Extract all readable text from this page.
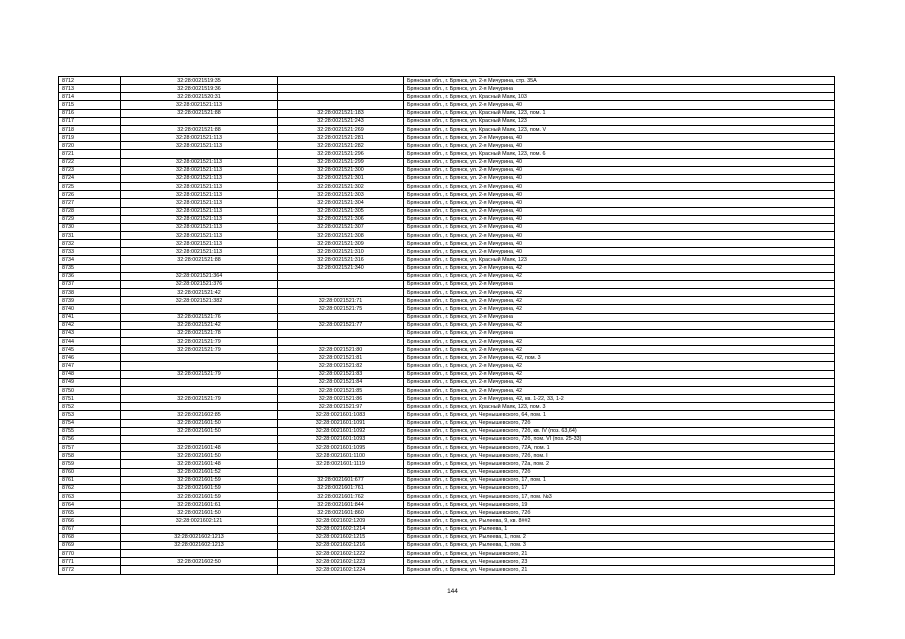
8712	32:28:0021519:35		Брянская обл., г. Брянск, ул. 2-я Мичурина, стр. 35А
8713	32:28:0021519:36		Брянская обл., г. Брянск, ул. 2-я Мичурина
8714	32:28:0021520:31		Брянская обл., г. Брянск, ул. Красный Маяк, 103
8715	32:28:0021521:113		Брянская обл., г. Брянск, ул. 2-я Мичурина, 40
8716	32:28:0021521:88	32:28:0021521:183	Брянская обл., г. Брянск, ул. Красный Маяк, 123, пом. 1
8717		32:28:0021521:243	Брянская обл., г. Брянск, ул. Красный Маяк, 123
8718	32:28:0021521:88	32:28:0021521:269	Брянская обл., г. Брянск, ул. Красный Маяк, 123, пом. V
8719	32:28:0021521:113	32:28:0021521:281	Брянская обл., г. Брянск, ул. 2-я Мичурина, 40
8720	32:28:0021521:113	32:28:0021521:282	Брянская обл., г. Брянск, ул. 2-я Мичурина, 40
8721		32:28:0021521:296	Брянская обл., г. Брянск, ул. Красный Маяк, 123, пом. 6
8722	32:28:0021521:113	32:28:0021521:299	Брянская обл., г. Брянск, ул. 2-я Мичурина, 40
8723	32:28:0021521:113	32:28:0021521:300	Брянская обл., г. Брянск, ул. 2-я Мичурина, 40
8724	32:28:0021521:113	32:28:0021521:301	Брянская обл., г. Брянск, ул. 2-я Мичурина, 40
8725	32:28:0021521:113	32:28:0021521:302	Брянская обл., г. Брянск, ул. 2-я Мичурина, 40
8726	32:28:0021521:113	32:28:0021521:303	Брянская обл., г. Брянск, ул. 2-я Мичурина, 40
8727	32:28:0021521:113	32:28:0021521:304	Брянская обл., г. Брянск, ул. 2-я Мичурина, 40
8728	32:28:0021521:113	32:28:0021521:305	Брянская обл., г. Брянск, ул. 2-я Мичурина, 40
8729	32:28:0021521:113	32:28:0021521:306	Брянская обл., г. Брянск, ул. 2-я Мичурина, 40
8730	32:28:0021521:113	32:28:0021521:307	Брянская обл., г. Брянск, ул. 2-я Мичурина, 40
8731	32:28:0021521:113	32:28:0021521:308	Брянская обл., г. Брянск, ул. 2-я Мичурина, 40
8732	32:28:0021521:113	32:28:0021521:309	Брянская обл., г. Брянск, ул. 2-я Мичурина, 40
8733	32:28:0021521:113	32:28:0021521:310	Брянская обл., г. Брянск, ул. 2-я Мичурина, 40
8734	32:28:0021521:88	32:28:0021521:316	Брянская обл., г. Брянск, ул. Красный Маяк, 123
8735		32:28:0021521:340	Брянская обл., г. Брянск, ул. 2-я Мичурина, 42
8736	32:28:0021521:364		Брянская обл., г. Брянск, ул. 2-я Мичурина, 42
8737	32:28:0021521:376		Брянская обл., г. Брянск, ул. 2-я Мичурина
8738	32:28:0021521:42		Брянская обл., г. Брянск, ул. 2-я Мичурина, 42
8739	32:28:0021521:382	32:28:0021521:71	Брянская обл., г. Брянск, ул. 2-я Мичурина, 42
8740		32:28:0021521:75	Брянская обл., г. Брянск, ул. 2-я Мичурина, 42
8741	32:28:0021521:76		Брянская обл., г. Брянск, ул. 2-я Мичурина
8742	32:28:0021521:42	32:28:0021521:77	Брянская обл., г. Брянск, ул. 2-я Мичурина, 42
8743	32:28:0021521:78		Брянская обл., г. Брянск, ул. 2-я Мичурина
8744	32:28:0021521:79		Брянская обл., г. Брянск, ул. 2-я Мичурина, 42
8745	32:28:0021521:79	32:28:0021521:80	Брянская обл., г. Брянск, ул. 2-я Мичурина, 42
8746		32:28:0021521:81	Брянская обл., г. Брянск, ул. 2-я Мичурина, 42, пом. 3
8747		32:28:0021521:82	Брянская обл., г. Брянск, ул. 2-я Мичурина, 42
8748	32:28:0021521:79	32:28:0021521:83	Брянская обл., г. Брянск, ул. 2-я Мичурина, 42
8749		32:28:0021521:84	Брянская обл., г. Брянск, ул. 2-я Мичурина, 42
8750		32:28:0021521:85	Брянская обл., г. Брянск, ул. 2-я Мичурина, 42
8751	32:28:0021521:79	32:28:0021521:86	Брянская обл., г. Брянск, ул. 2-я Мичурина, 42, кв. 1-22, 33, 1-2
8752		32:28:0021521:97	Брянская обл., г. Брянск, ул. Красный Маяк, 123, пом. 3
8753	32:28:0021602:85	32:28:0021601:1083	Брянская обл., г. Брянск, ул. Чернышевского, 64, пом. 1
8754	32:28:0021601:50	32:28:0021601:1091	Брянская обл., г. Брянск, ул. Чернышевского, 72б
8755	32:28:0021601:50	32:28:0021601:1092	Брянская обл., г. Брянск, ул. Чернышевского, 72б, кв. IV (поз. 63,64)
8756		32:28:0021601:1093	Брянская обл., г. Брянск, ул. Чернышевского, 72б, пом. VI (поз. 25-33)
8757	32:28:0021601:48	32:28:0021601:1095	Брянская обл., г. Брянск, ул. Чернышевского, 72А, пом. 1
8758	32:28:0021601:50	32:28:0021601:1100	Брянская обл., г. Брянск, ул. Чернышевского, 72б, пом. I
8759	32:28:0021601:48	32:28:0021601:1119	Брянская обл., г. Брянск, ул. Чернышевского, 72а, пом. 2
8760	32:28:0021601:52		Брянская обл., г. Брянск, ул. Чернышевского, 72б
8761	32:28:0021601:59	32:28:0021601:677	Брянская обл., г. Брянск, ул. Чернышевского, 17, пом. 1
8762	32:28:0021601:59	32:28:0021601:761	Брянская обл., г. Брянск, ул. Чернышевского, 17
8763	32:28:0021601:59	32:28:0021601:762	Брянская обл., г. Брянск, ул. Чернышевского, 17, пом. №3
8764	32:28:0021601:61	32:28:0021601:844	Брянская обл., г. Брянск, ул. Чернышевского, 19
8765	32:28:0021601:50	32:28:0021601:860	Брянская обл., г. Брянск, ул. Чернышевского, 72б
8766	32:28:0021602:121	32:28:0021602:1209	Брянская обл., г. Брянск, ул. Рылеева, 9, кв. 8##2
8767		32:28:0021602:1214	Брянская обл., г. Брянск, ул. Рылеева, 1
8768	32:28:0021602:1213	32:28:0021602:1215	Брянская обл., г. Брянск, ул. Рылеева, 1, пом. 2
8769	32:28:0021602:1213	32:28:0021602:1216	Брянская обл., г. Брянск, ул. Рылеева, 1, пом. 3
8770		32:28:0021602:1222	Брянская обл., г. Брянск, ул. Чернышевского, 21
8771	32:28:0021602:50	32:28:0021602:1223	Брянская обл., г. Брянск, ул. Чернышевского, 23
8772		32:28:0021602:1224	Брянская обл., г. Брянск, ул. Чернышевского, 21
144
